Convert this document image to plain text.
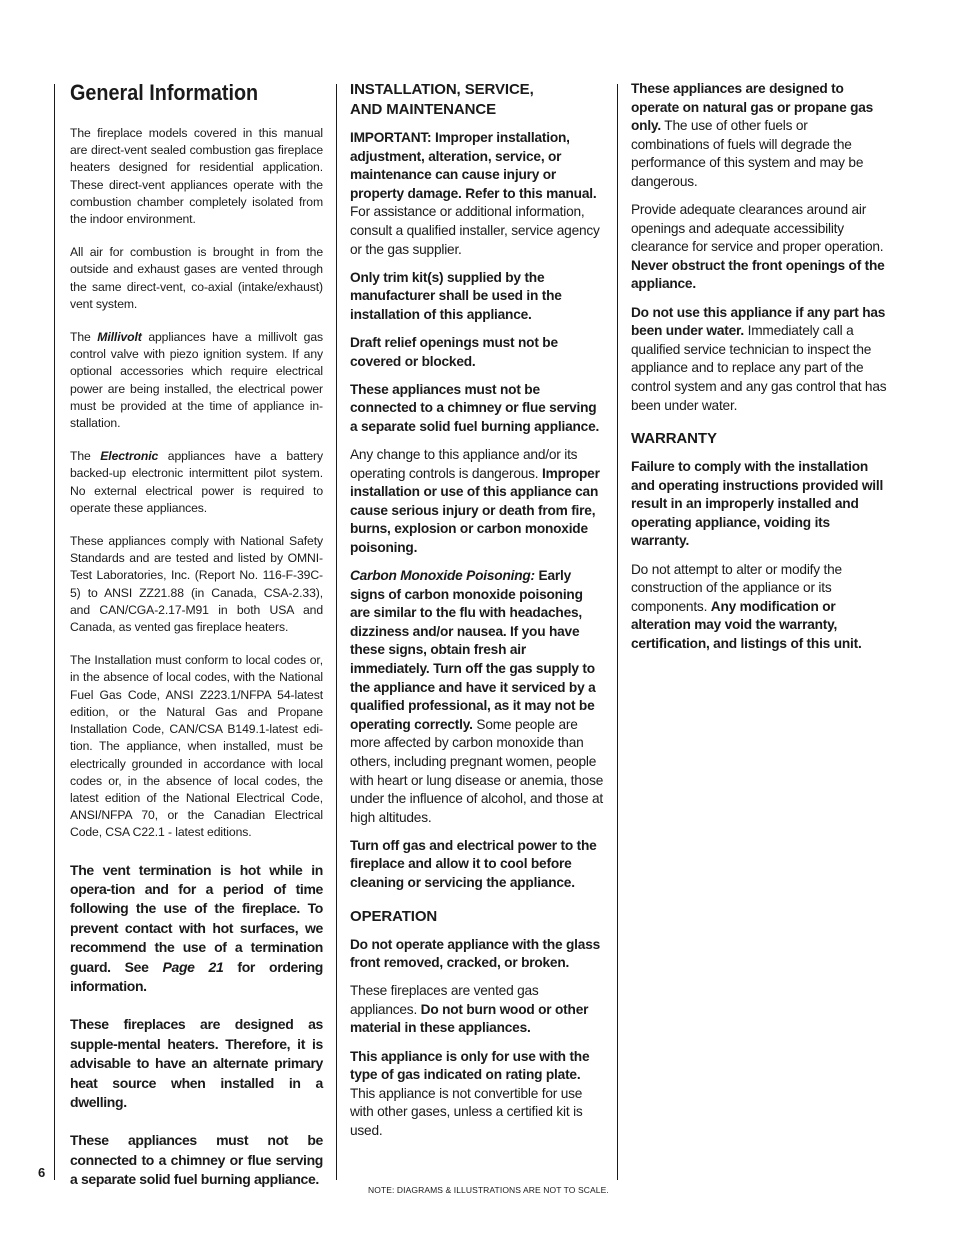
General Information

The fireplace models covered in this manual are direct-vent sealed combustion gas fireplace heaters designed for residential application. These direct-vent appliances operate with the combustion chamber completely isolated from the indoor environment.

All air for combustion is brought in from the outside and exhaust gases are vented through the same direct-vent, co-axial (intake/exhaust) vent system.

The Millivolt appliances have a millivolt gas control valve with piezo ignition system. If any optional accessories which require electrical power are being installed, the electrical power must be provided at the time of appliance in-stallation.

The Electronic appliances have a battery backed-up electronic intermittent pilot system. No external electrical power is required to operate these appliances.

These appliances comply with National Safety Standards and are tested and listed by OMNI-Test Laboratories, Inc. (Report No. 116-F-39C-5) to ANSI ZZ21.88 (in Canada, CSA-2.33), and CAN/CGA-2.17-M91 in both USA and Canada, as vented gas fireplace heaters.

The Installation must conform to local codes or, in the absence of local codes, with the National Fuel Gas Code, ANSI Z223.1/NFPA 54-latest edition, or the Natural Gas and Propane Installation Code, CAN/CSA B149.1-latest edi-tion. The appliance, when installed, must be electrically grounded in accordance with local codes or, in the absence of local codes, the latest edition of the National Electrical Code, ANSI/NFPA 70, or the Canadian Electrical Code, CSA C22.1 - latest editions.

The vent termination is hot while in opera-tion and for a period of time following the use of the fireplace. To prevent contact with hot surfaces, we recommend the use of a termination guard. See Page 21 for ordering information.

These fireplaces are designed as supple-mental heaters. Therefore, it is advisable to have an alternate primary heat source when installed in a dwelling.

These appliances must not be connected to a chimney or flue serving a separate solid fuel burning appliance.

INSTALLATION, SERVICE, AND MAINTENANCE

IMPORTANT: Improper installation, adjustment, alteration, service, or maintenance can cause injury or property damage. Refer to this manual. For assistance or additional information, consult a qualified installer, service agency or the gas supplier.

Only trim kit(s) supplied by the manufacturer shall be used in the installation of this appliance.

Draft relief openings must not be covered or blocked.

These appliances must not be connected to a chimney or flue serving a separate solid fuel burning appliance.

Any change to this appliance and/or its operating controls is dangerous. Improper installation or use of this appliance can cause serious injury or death from fire, burns, explosion or carbon monoxide poisoning.

Carbon Monoxide Poisoning: Early signs of carbon monoxide poisoning are similar to the flu with headaches, dizziness and/or nausea. If you have these signs, obtain fresh air immediately. Turn off the gas supply to the appliance and have it serviced by a qualified professional, as it may not be operating correctly. Some people are more affected by carbon monoxide than others, including pregnant women, people with heart or lung disease or anemia, those under the influence of alcohol, and those at high altitudes.

Turn off gas and electrical power to the fireplace and allow it to cool before cleaning or servicing the appliance.

OPERATION

Do not operate appliance with the glass front removed, cracked, or broken.

These fireplaces are vented gas appliances. Do not burn wood or other material in these appliances.

This appliance is only for use with the type of gas indicated on rating plate. This appliance is not convertible for use with other gases, unless a certified kit is used.

These appliances are designed to operate on natural gas or propane gas only. The use of other fuels or combinations of fuels will degrade the performance of this system and may be dangerous.

Provide adequate clearances around air openings and adequate accessibility clearance for service and proper operation. Never obstruct the front openings of the appliance.

Do not use this appliance if any part has been under water. Immediately call a qualified service technician to inspect the appliance and to replace any part of the control system and any gas control that has been under water.

WARRANTY

Failure to comply with the installation and operating instructions provided will result in an improperly installed and operating appliance, voiding its warranty.

Do not attempt to alter or modify the construction of the appliance or its components. Any modification or alteration may void the warranty, certification, and listings of this unit.

6
NOTE: DIAGRAMS & ILLUSTRATIONS ARE NOT TO SCALE.
